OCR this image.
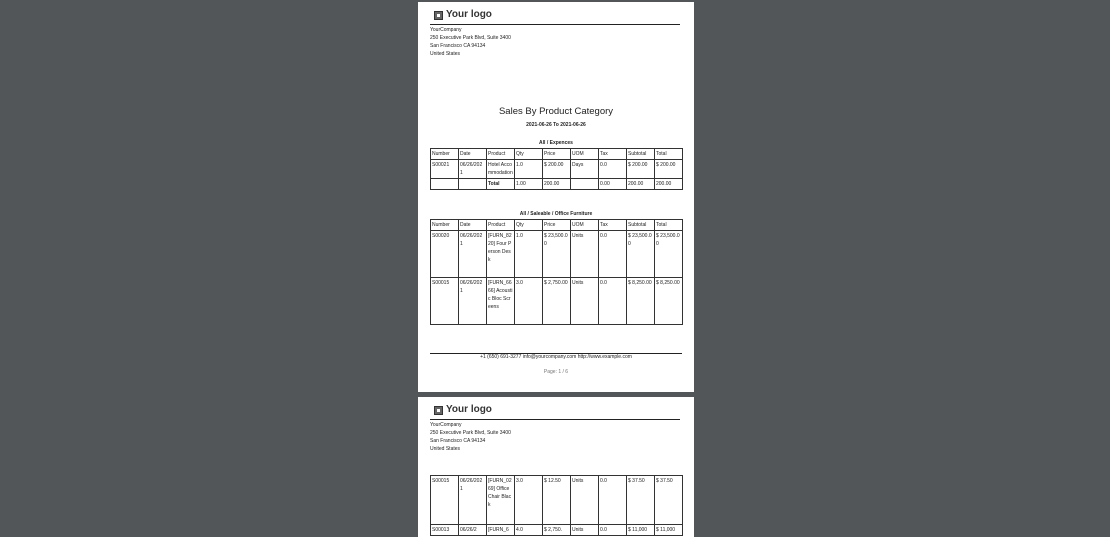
Your logo
YourCompany
250 Executive Park Blvd, Suite 3400
San Francisco CA 94134
United States
Sales By Product Category
2021-06-26 To 2021-06-26
All / Expences
Number	Date	Product	Qty	Price	UOM	Tax	Subtotal	Total
S00021	06/26/2021	Hotel Accommodation	1.0	$ 200.00	Days	0.0	$ 200.00	$ 200.00
		Total	1.00	200.00		0.00	200.00	200.00
All / Saleable / Office Furniture
Number	Date	Product	Qty	Price	UOM	Tax	Subtotal	Total
S00020	06/26/2021	[FURN_8220] Four Person Desk	1.0	$ 23,500.00	Units	0.0	$ 23,500.00	$ 23,500.00
S00015	06/26/2021	[FURN_6666] Acoustic Bloc Screens	3.0	$ 2,750.00	Units	0.0	$ 8,250.00	$ 8,250.00
+1 (650) 691-3277 info@yourcompany.com http://www.example.com
Page: 1 / 6
Your logo
YourCompany
250 Executive Park Blvd, Suite 3400
San Francisco CA 94134
United States
S00015	06/26/2021	[FURN_0269] Office Chair Black	3.0	$ 12.50	Units	0.0	$ 37.50	$ 37.50
S00013	06/26/2	[FURN_6	4.0	$ 2,750.	Units	0.0	$ 11,000	$ 11,000
